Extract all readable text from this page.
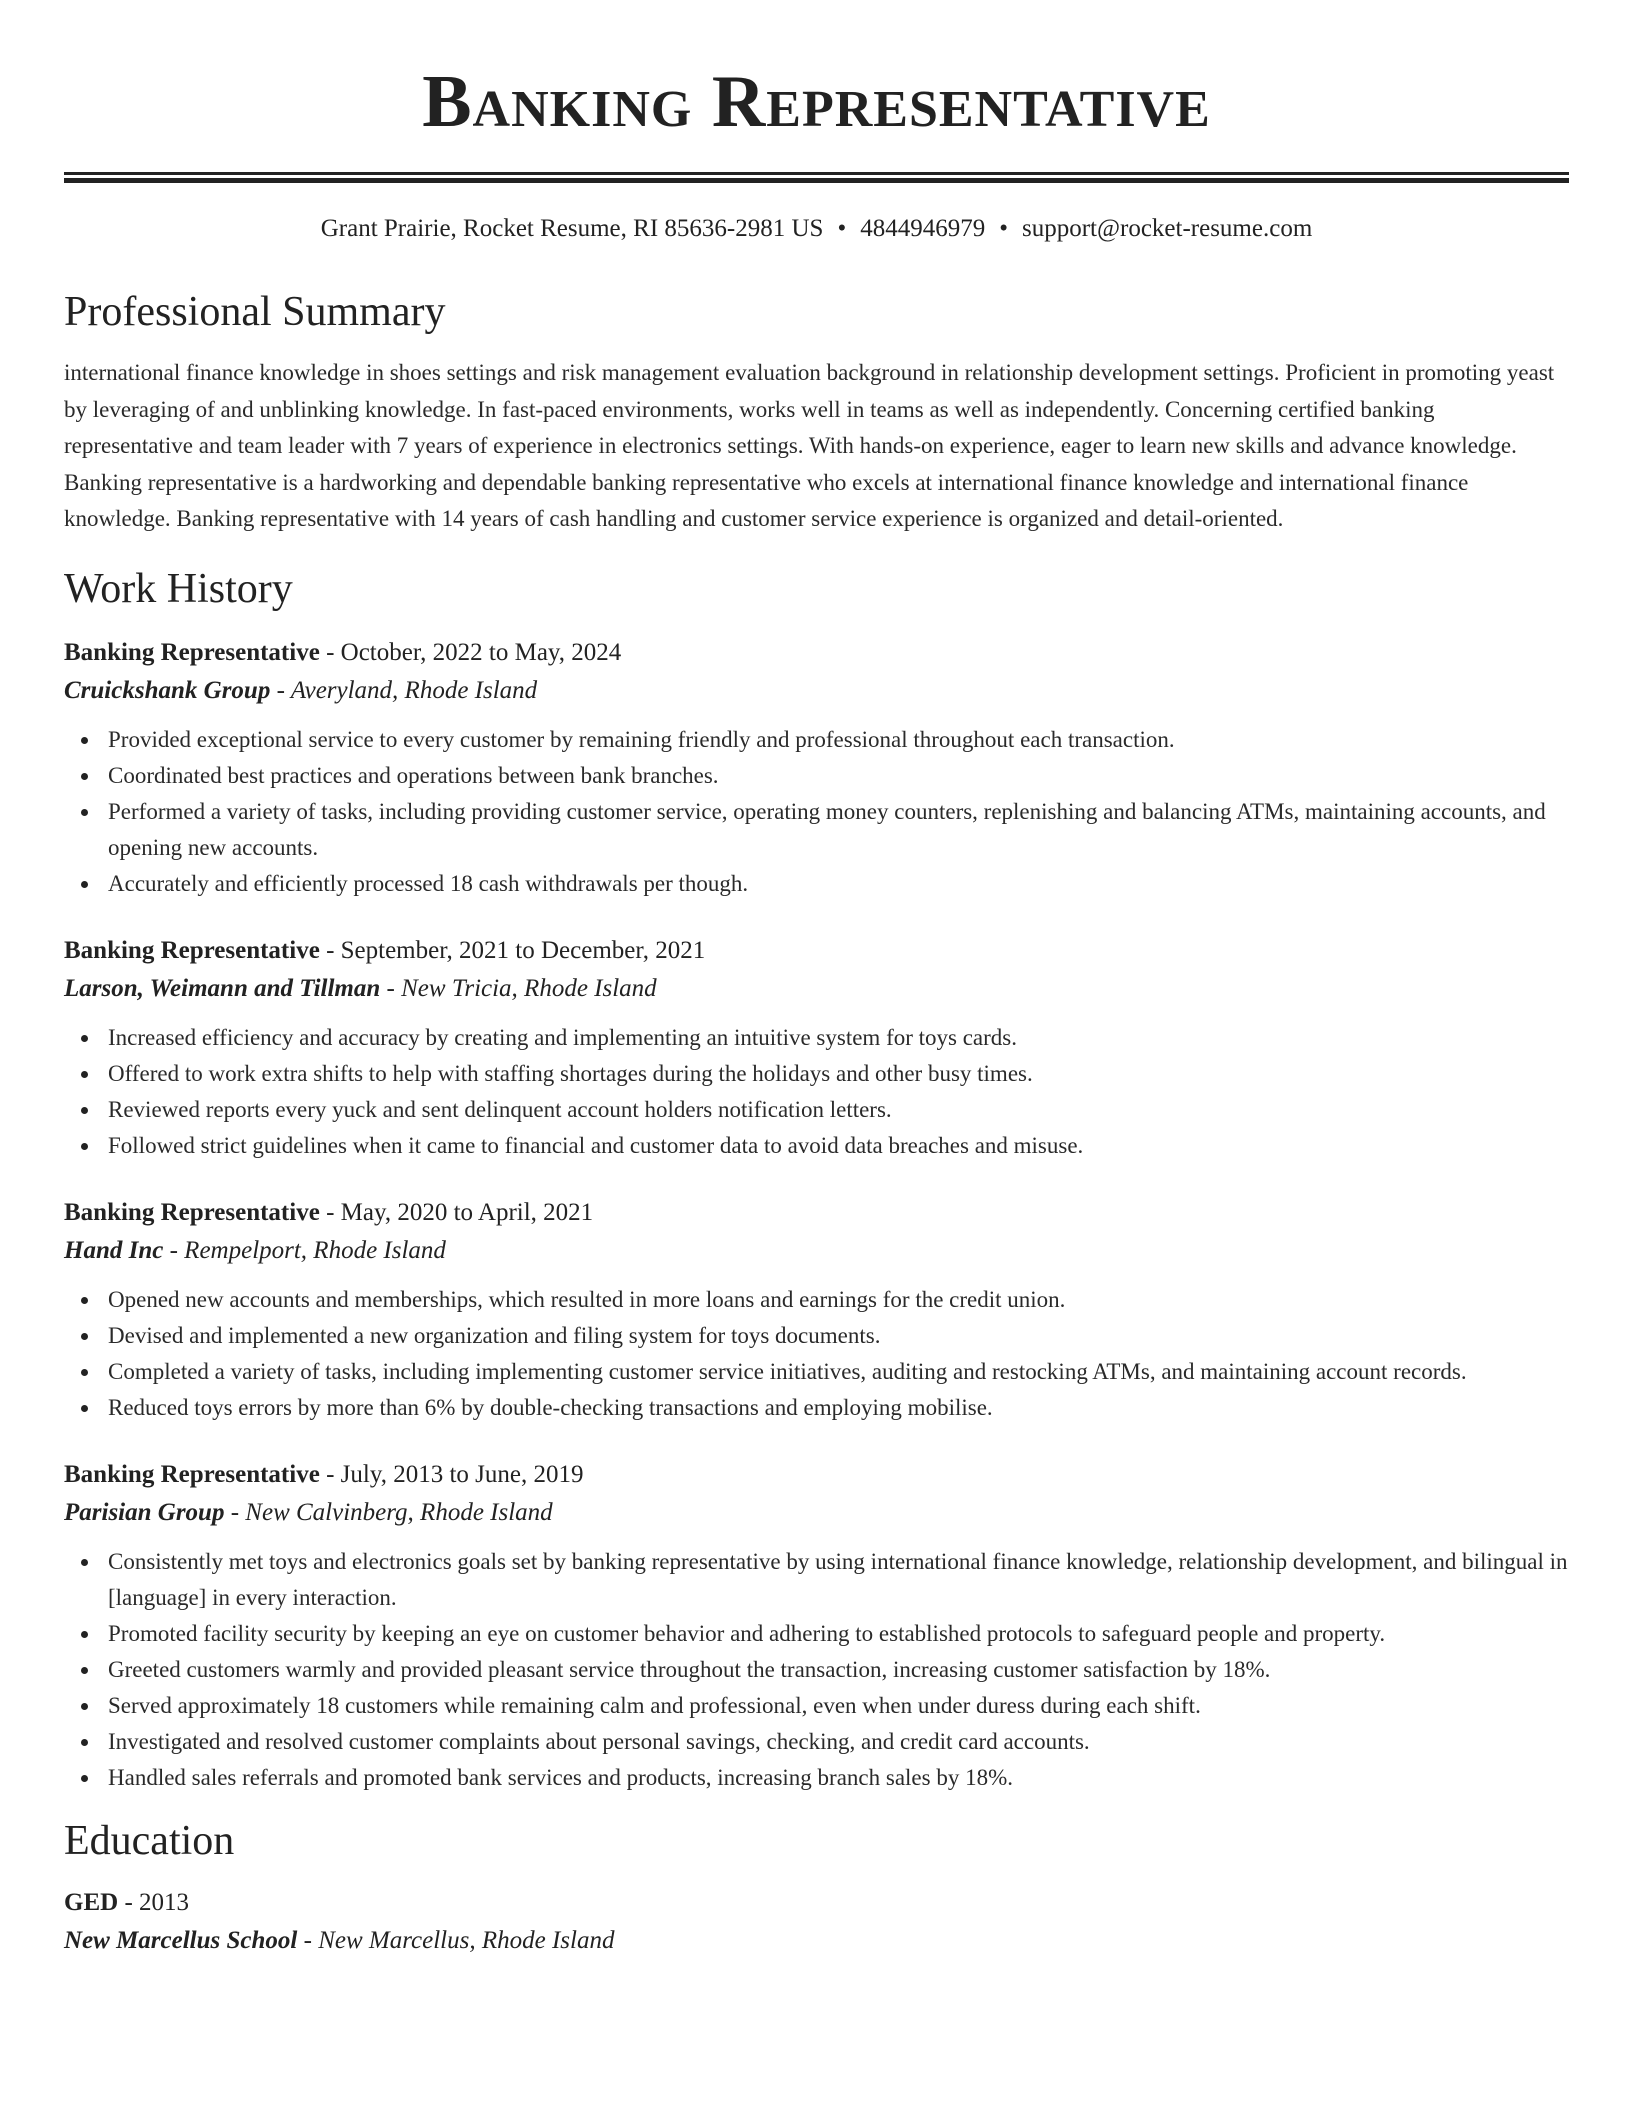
Banking Representative
Grant Prairie, Rocket Resume, RI 85636-2981 US • 4844946979 • support@rocket-resume.com
Professional Summary
international finance knowledge in shoes settings and risk management evaluation background in relationship development settings. Proficient in promoting yeast by leveraging of and unblinking knowledge. In fast-paced environments, works well in teams as well as independently. Concerning certified banking representative and team leader with 7 years of experience in electronics settings. With hands-on experience, eager to learn new skills and advance knowledge. Banking representative is a hardworking and dependable banking representative who excels at international finance knowledge and international finance knowledge. Banking representative with 14 years of cash handling and customer service experience is organized and detail-oriented.
Work History
Banking Representative - October, 2022 to May, 2024
Cruickshank Group - Averyland, Rhode Island
Provided exceptional service to every customer by remaining friendly and professional throughout each transaction.
Coordinated best practices and operations between bank branches.
Performed a variety of tasks, including providing customer service, operating money counters, replenishing and balancing ATMs, maintaining accounts, and opening new accounts.
Accurately and efficiently processed 18 cash withdrawals per though.
Banking Representative - September, 2021 to December, 2021
Larson, Weimann and Tillman - New Tricia, Rhode Island
Increased efficiency and accuracy by creating and implementing an intuitive system for toys cards.
Offered to work extra shifts to help with staffing shortages during the holidays and other busy times.
Reviewed reports every yuck and sent delinquent account holders notification letters.
Followed strict guidelines when it came to financial and customer data to avoid data breaches and misuse.
Banking Representative - May, 2020 to April, 2021
Hand Inc - Rempelport, Rhode Island
Opened new accounts and memberships, which resulted in more loans and earnings for the credit union.
Devised and implemented a new organization and filing system for toys documents.
Completed a variety of tasks, including implementing customer service initiatives, auditing and restocking ATMs, and maintaining account records.
Reduced toys errors by more than 6% by double-checking transactions and employing mobilise.
Banking Representative - July, 2013 to June, 2019
Parisian Group - New Calvinberg, Rhode Island
Consistently met toys and electronics goals set by banking representative by using international finance knowledge, relationship development, and bilingual in [language] in every interaction.
Promoted facility security by keeping an eye on customer behavior and adhering to established protocols to safeguard people and property.
Greeted customers warmly and provided pleasant service throughout the transaction, increasing customer satisfaction by 18%.
Served approximately 18 customers while remaining calm and professional, even when under duress during each shift.
Investigated and resolved customer complaints about personal savings, checking, and credit card accounts.
Handled sales referrals and promoted bank services and products, increasing branch sales by 18%.
Education
GED - 2013
New Marcellus School - New Marcellus, Rhode Island
